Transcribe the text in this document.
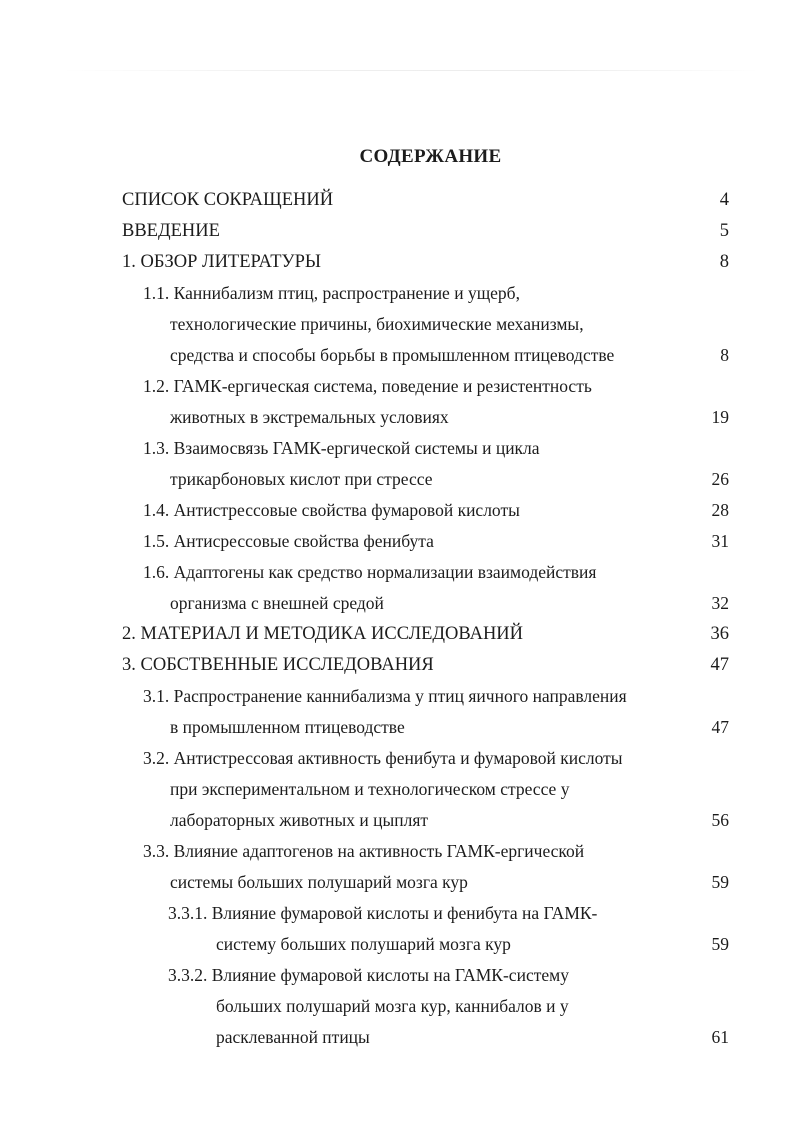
СОДЕРЖАНИЕ
СПИСОК СОКРАЩЕНИЙ	4
ВВЕДЕНИЕ	5
1. ОБЗОР ЛИТЕРАТУРЫ	8
1.1. Каннибализм птиц, распространение и ущерб,
технологические причины, биохимические механизмы,
средства и способы борьбы в промышленном птицеводстве	8
1.2. ГАМК-ергическая система, поведение и резистентность
животных в экстремальных условиях	19
1.3. Взаимосвязь ГАМК-ергической системы и цикла
трикарбоновых кислот при стрессе	26
1.4. Антистрессовые свойства фумаровой кислоты	28
1.5. Антисрессовые свойства фенибута	31
1.6. Адаптогены как средство нормализации взаимодействия
организма с внешней средой	32
2. МАТЕРИАЛ И МЕТОДИКА ИССЛЕДОВАНИЙ	36
3. СОБСТВЕННЫЕ ИССЛЕДОВАНИЯ	47
3.1. Распространение каннибализма у птиц яичного направления
в промышленном птицеводстве	47
3.2. Антистрессовая активность фенибута и фумаровой кислоты
при экспериментальном и технологическом стрессе у
лабораторных животных и цыплят	56
3.3. Влияние адаптогенов на активность ГАМК-ергической
системы больших полушарий мозга кур	59
3.3.1. Влияние фумаровой кислоты и фенибута на ГАМК-
систему больших полушарий мозга кур	59
3.3.2. Влияние фумаровой кислоты на ГАМК-систему
больших полушарий мозга кур, каннибалов и у
расклеванной птицы	61
